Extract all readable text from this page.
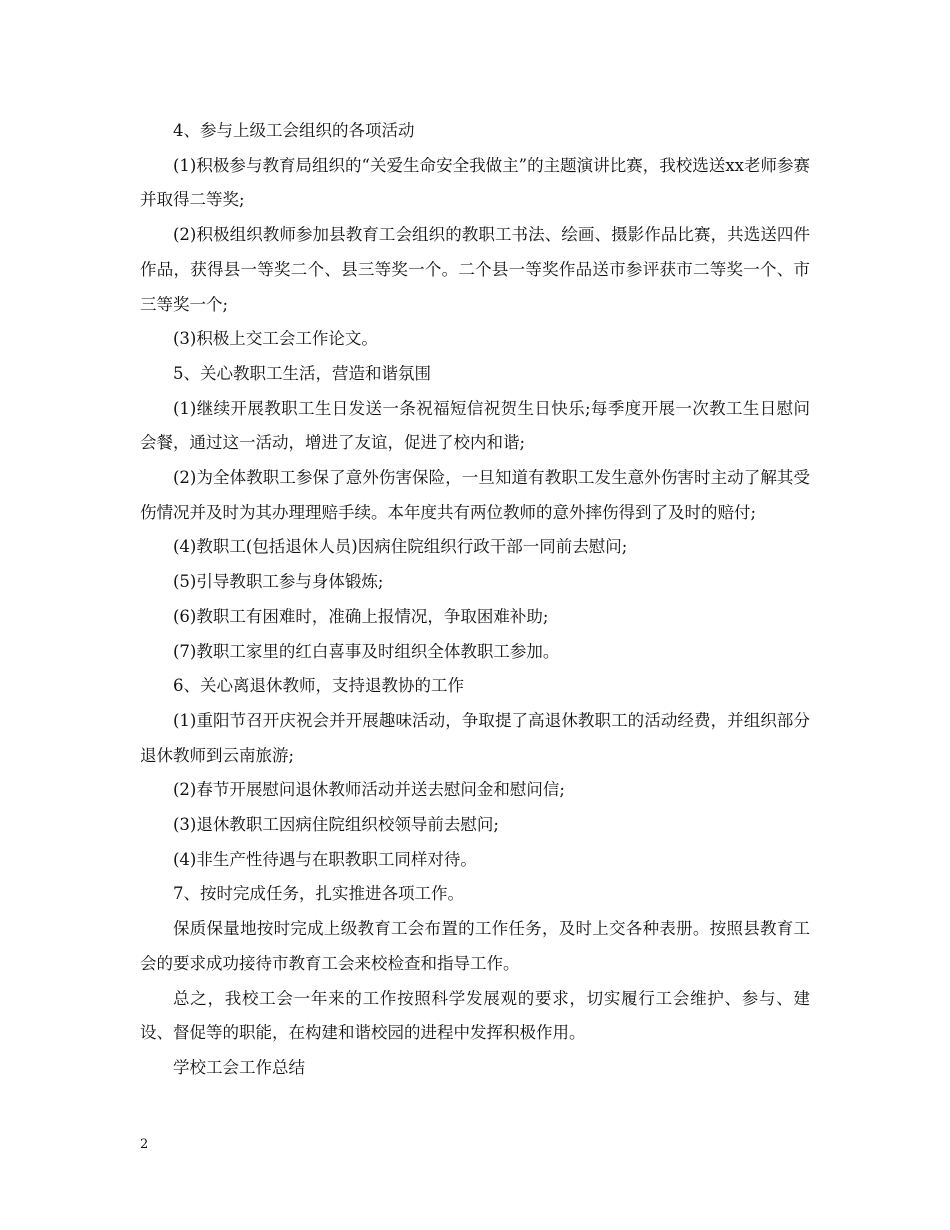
4、参与上级工会组织的各项活动

(1)积极参与教育局组织的“关爱生命安全我做主”的主题演讲比赛，我校选送xx老师参赛并取得二等奖;

(2)积极组织教师参加县教育工会组织的教职工书法、绘画、摄影作品比赛，共选送四件作品，获得县一等奖二个、县三等奖一个。二个县一等奖作品送市参评获市二等奖一个、市三等奖一个;

(3)积极上交工会工作论文。

5、关心教职工生活，营造和谐氛围

(1)继续开展教职工生日发送一条祝福短信祝贺生日快乐;每季度开展一次教工生日慰问会餐，通过这一活动，增进了友谊，促进了校内和谐;

(2)为全体教职工参保了意外伤害保险，一旦知道有教职工发生意外伤害时主动了解其受伤情况并及时为其办理理赔手续。本年度共有两位教师的意外摔伤得到了及时的赔付;

(4)教职工(包括退休人员)因病住院组织行政干部一同前去慰问;

(5)引导教职工参与身体锻炼;

(6)教职工有困难时，准确上报情况，争取困难补助;

(7)教职工家里的红白喜事及时组织全体教职工参加。

6、关心离退休教师，支持退教协的工作

(1)重阳节召开庆祝会并开展趣味活动，争取提了高退休教职工的活动经费，并组织部分退休教师到云南旅游;

(2)春节开展慰问退休教师活动并送去慰问金和慰问信;

(3)退休教职工因病住院组织校领导前去慰问;

(4)非生产性待遇与在职教职工同样对待。

7、按时完成任务，扎实推进各项工作。

保质保量地按时完成上级教育工会布置的工作任务，及时上交各种表册。按照县教育工会的要求成功接待市教育工会来校检查和指导工作。

总之，我校工会一年来的工作按照科学发展观的要求，切实履行工会维护、参与、建设、督促等的职能，在构建和谐校园的进程中发挥积极作用。

学校工会工作总结

2
